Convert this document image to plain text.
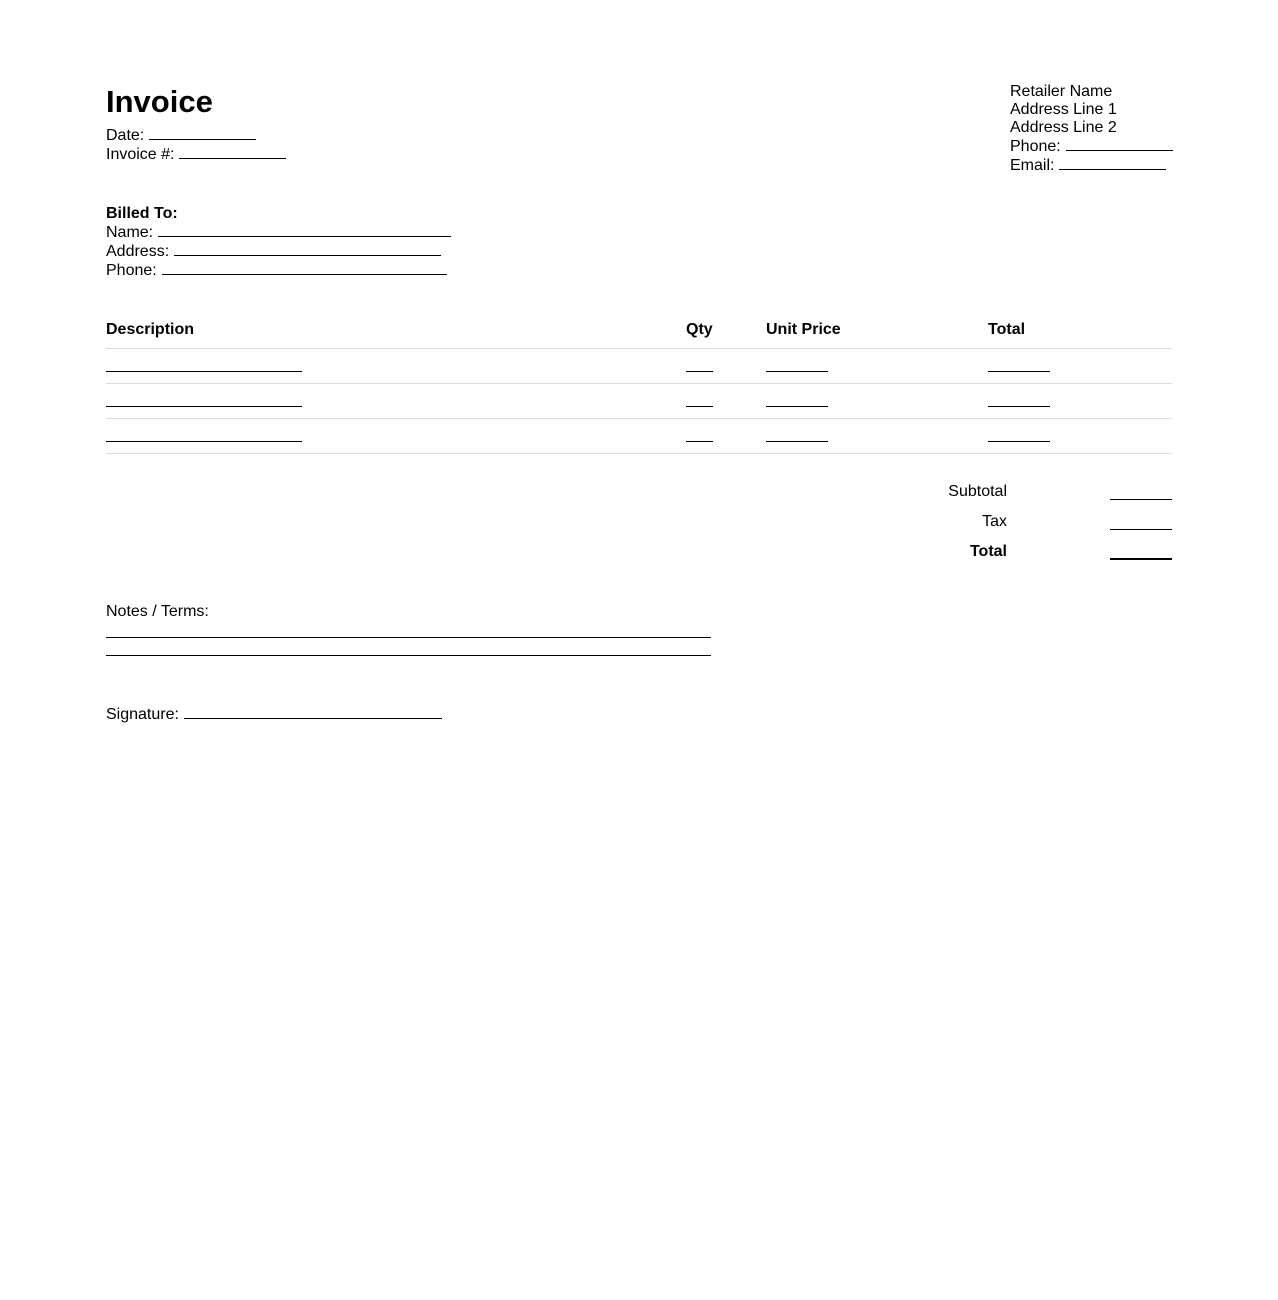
Invoice
Date:
Invoice #:
Retailer Name
Address Line 1
Address Line 2
Phone:
Email:
Billed To:
Name:
Address:
Phone:
Description	Qty	Unit Price	Total
Subtotal
Tax
Total
Notes / Terms:
Signature:
